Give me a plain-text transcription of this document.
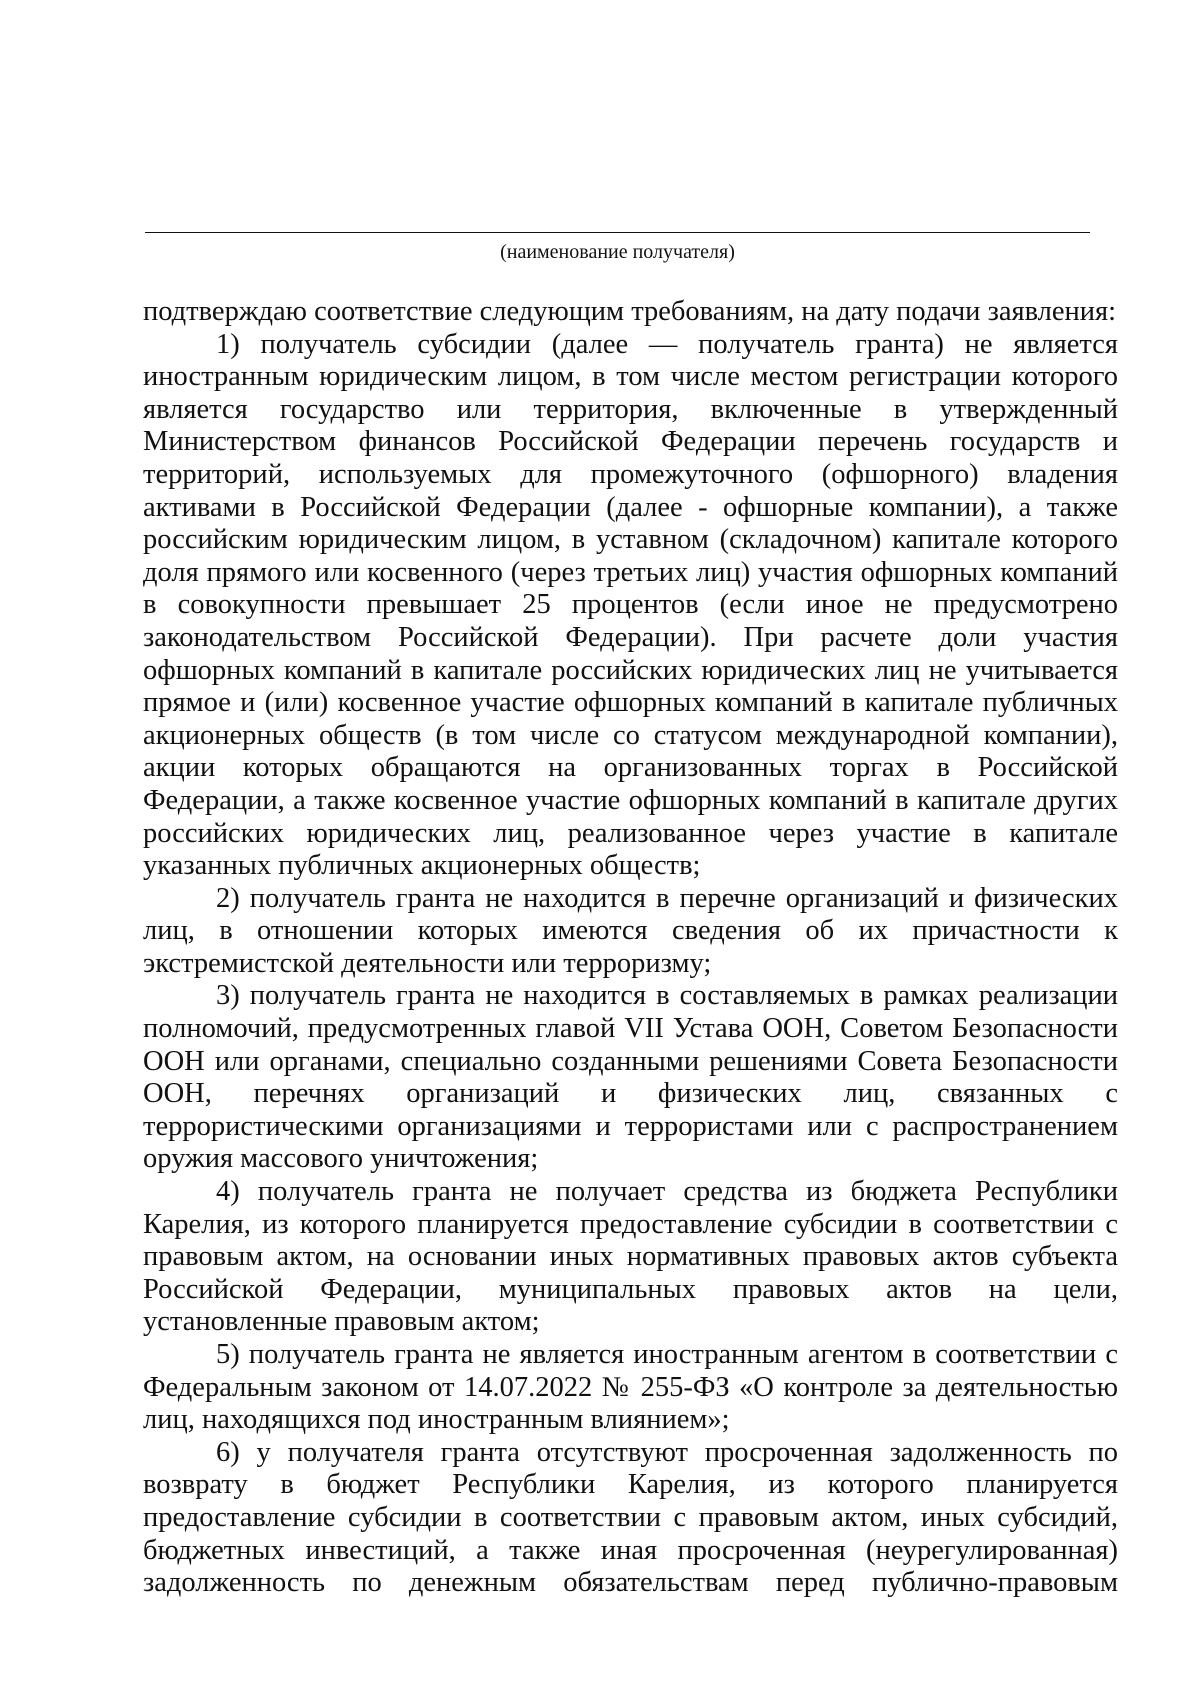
(наименование получателя)

подтверждаю соответствие следующим требованиям, на дату подачи заявления:

1) получатель субсидии (далее — получатель гранта) не является иностранным юридическим лицом, в том числе местом регистрации которого является государство или территория, включенные в утвержденный Министерством финансов Российской Федерации перечень государств и территорий, используемых для промежуточного (офшорного) владения активами в Российской Федерации (далее - офшорные компании), а также российским юридическим лицом, в уставном (складочном) капитале которого доля прямого или косвенного (через третьих лиц) участия офшорных компаний в совокупности превышает 25 процентов (если иное не предусмотрено законодательством Российской Федерации). При расчете доли участия офшорных компаний в капитале российских юридических лиц не учитывается прямое и (или) косвенное участие офшорных компаний в капитале публичных акционерных обществ (в том числе со статусом международной компании), акции которых обращаются на организованных торгах в Российской Федерации, а также косвенное участие офшорных компаний в капитале других российских юридических лиц, реализованное через участие в капитале указанных публичных акционерных обществ;

2) получатель гранта не находится в перечне организаций и физических лиц, в отношении которых имеются сведения об их причастности к экстремистской деятельности или терроризму;

3) получатель гранта не находится в составляемых в рамках реализации полномочий, предусмотренных главой VII Устава ООН, Советом Безопасности ООН или органами, специально созданными решениями Совета Безопасности ООН, перечнях организаций и физических лиц, связанных с террористическими организациями и террористами или с распространением оружия массового уничтожения;

4) получатель гранта не получает средства из бюджета Республики Карелия, из которого планируется предоставление субсидии в соответствии с правовым актом, на основании иных нормативных правовых актов субъекта Российской Федерации, муниципальных правовых актов на цели, установленные правовым актом;

5) получатель гранта не является иностранным агентом в соответствии с Федеральным законом от 14.07.2022 № 255-ФЗ «О контроле за деятельностью лиц, находящихся под иностранным влиянием»;

6) у получателя гранта отсутствуют просроченная задолженность по возврату в бюджет Республики Карелия, из которого планируется предоставление субсидии в соответствии с правовым актом, иных субсидий, бюджетных инвестиций, а также иная просроченная (неурегулированная) задолженность по денежным обязательствам перед публично-правовым
